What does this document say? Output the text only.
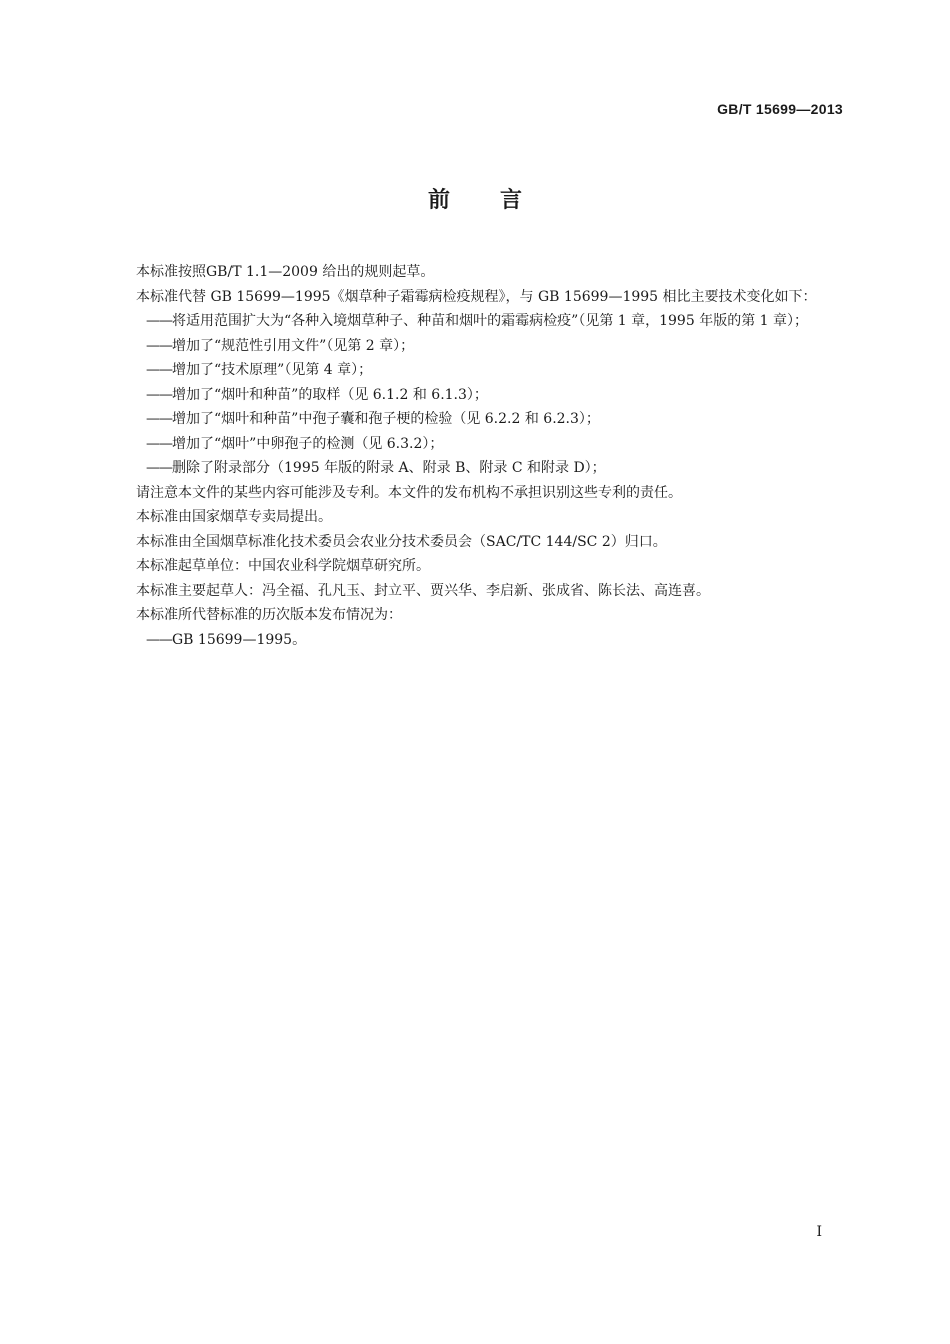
GB/T 15699—2013
前言

本标准按照GB/T 1.1—2009 给出的规则起草。

本标准代替 GB 15699—1995《烟草种子霜霉病检疫规程》，与 GB 15699—1995 相比主要技术变化如下：

——将适用范围扩大为“各种入境烟草种子、种苗和烟叶的霜霉病检疫”（见第 1 章，1995 年版的第 1 章）；

——增加了“规范性引用文件”（见第 2 章）；

——增加了“技术原理”（见第 4 章）；

——增加了“烟叶和种苗”的取样（见 6.1.2 和 6.1.3）；

——增加了“烟叶和种苗”中孢子囊和孢子梗的检验（见 6.2.2 和 6.2.3）；

——增加了“烟叶”中卵孢子的检测（见 6.3.2）；

——删除了附录部分（1995 年版的附录 A、附录 B、附录 C 和附录 D）；

请注意本文件的某些内容可能涉及专利。本文件的发布机构不承担识别这些专利的责任。

本标准由国家烟草专卖局提出。

本标准由全国烟草标准化技术委员会农业分技术委员会（SAC/TC 144/SC 2）归口。

本标准起草单位：中国农业科学院烟草研究所。

本标准主要起草人：冯全福、孔凡玉、封立平、贾兴华、李启新、张成省、陈长法、高连喜。

本标准所代替标准的历次版本发布情况为：

——GB 15699—1995。

I
